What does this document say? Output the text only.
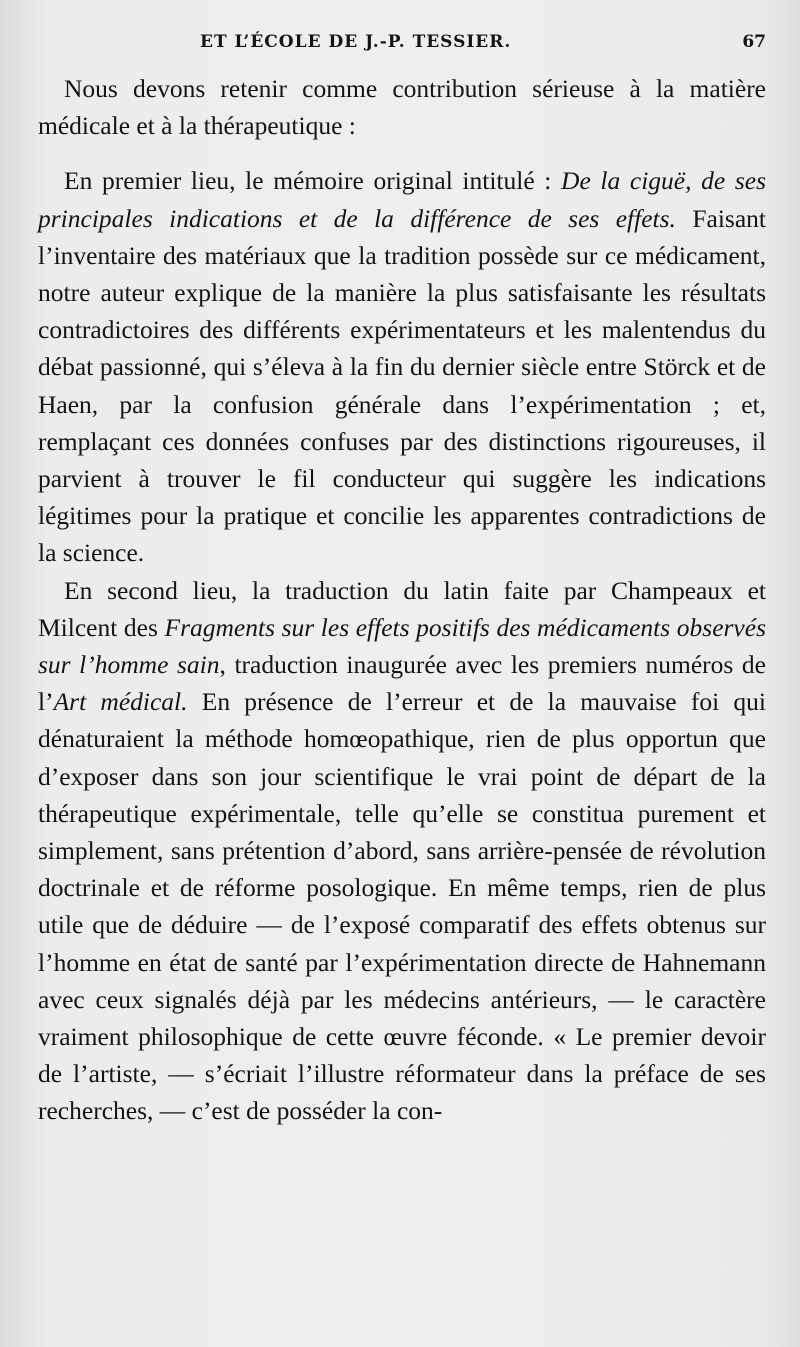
ET L’ÉCOLE DE J.-P. TESSIER.	67

Nous devons retenir comme contribution sérieuse à la matière médicale et à la thérapeutique :

En premier lieu, le mémoire original intitulé : De la ciguë, de ses principales indications et de la différence de ses effets. Faisant l’inventaire des matériaux que la tradition possède sur ce médicament, notre auteur explique de la manière la plus satisfaisante les résultats contradictoires des différents expérimentateurs et les malentendus du débat passionné, qui s’éleva à la fin du dernier siècle entre Störck et de Haen, par la confusion générale dans l’expérimentation ; et, remplaçant ces données confuses par des distinctions rigoureuses, il parvient à trouver le fil conducteur qui suggère les indications légitimes pour la pratique et concilie les apparentes contradictions de la science.

En second lieu, la traduction du latin faite par Champeaux et Milcent des Fragments sur les effets positifs des médicaments observés sur l’homme sain, traduction inaugurée avec les premiers numéros de l’Art médical. En présence de l’erreur et de la mauvaise foi qui dénaturaient la méthode homœopathique, rien de plus opportun que d’exposer dans son jour scientifique le vrai point de départ de la thérapeutique expérimentale, telle qu’elle se constitua purement et simplement, sans prétention d’abord, sans arrière-pensée de révolution doctrinale et de réforme posologique. En même temps, rien de plus utile que de déduire — de l’exposé comparatif des effets obtenus sur l’homme en état de santé par l’expérimentation directe de Hahnemann avec ceux signalés déjà par les médecins antérieurs, — le caractère vraiment philosophique de cette œuvre féconde. « Le premier devoir de l’artiste, — s’écriait l’illustre réformateur dans la préface de ses recherches, — c’est de posséder la con-
